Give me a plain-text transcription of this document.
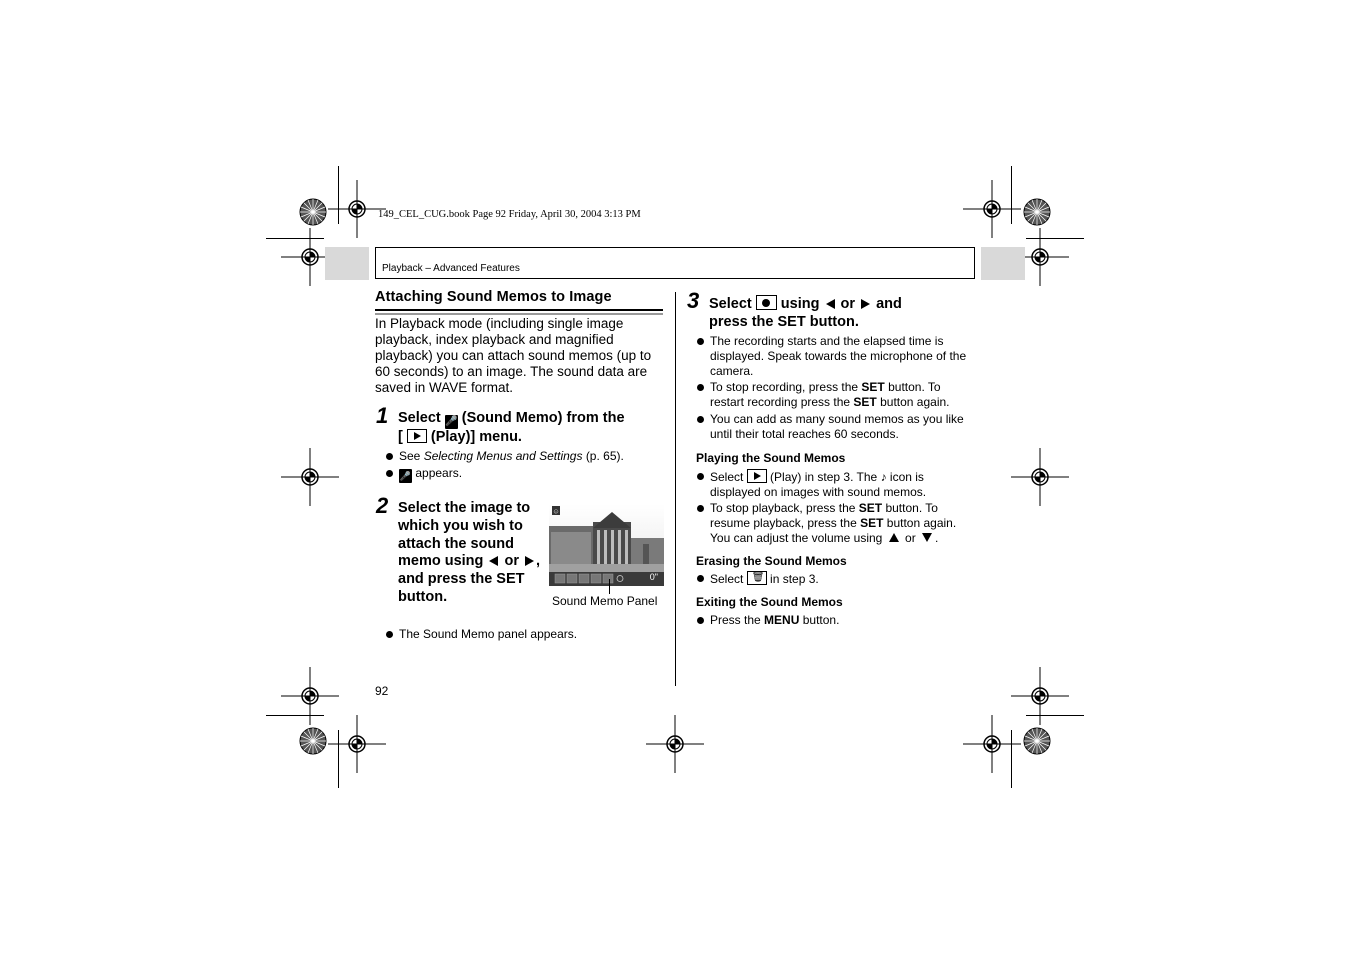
149_CEL_CUG.book Page 92 Friday, April 30, 2004 3:13 PM
Playback – Advanced Features
Attaching Sound Memos to Image
In Playback mode (including single image playback, index playback and magnified playback) you can attach sound memos (up to 60 seconds) to an image. The sound data are saved in WAVE format.
1 Select 🎤 (Sound Memo) from the
[ (Play)] menu.
See Selecting Menus and Settings (p. 65).
🎤 appears.
2 Select the image to which you wish to attach the sound memo using or , and press the SET button.
☺
0"
Sound Memo Panel
The Sound Memo panel appears.
92
3 Select using or and
press the SET button.
The recording starts and the elapsed time is displayed. Speak towards the microphone of the camera.
To stop recording, press the SET button. To restart recording press the SET button again.
You can add as many sound memos as you like until their total reaches 60 seconds.
Playing the Sound Memos
Select (Play) in step 3. The ♪ icon is displayed on images with sound memos.
To stop playback, press the SET button. To resume playback, press the SET button again. You can adjust the volume using or .
Erasing the Sound Memos
Select 🗑 in step 3.
Exiting the Sound Memos
Press the MENU button.
